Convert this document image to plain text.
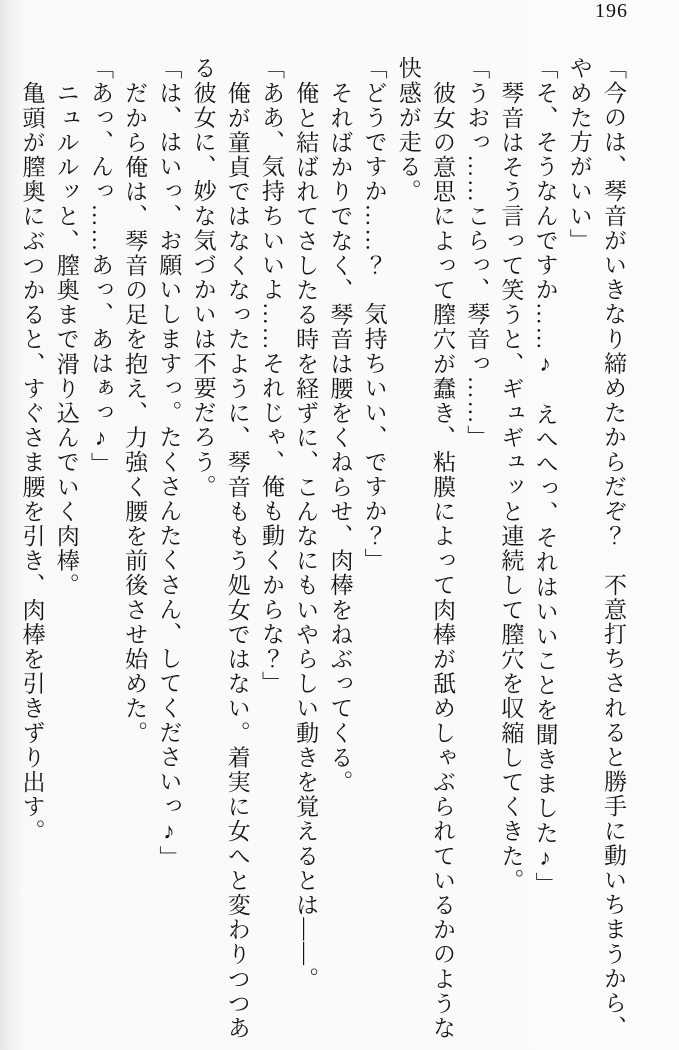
196
「今のは、琴音がいきなり締めたからだぞ？　不意打ちされると勝手に動いちまうから、
やめた方がいい」
「そ、そうなんですか……♪　えへへっ、それはいいことを聞きました♪」
琴音はそう言って笑うと、ギュギュッと連続して膣穴を収縮してくきた。
「うおっ……こらっ、琴音っ……」
彼女の意思によって膣穴が蠢き、粘膜によって肉棒が舐めしゃぶられているかのような
快感が走る。
「どうですか……？　気持ちいい、ですか？」
そればかりでなく、琴音は腰をくねらせ、肉棒をねぶってくる。
俺と結ばれてさしたる時を経ずに、こんなにもいやらしい動きを覚えるとは――。
「ああ、気持ちいいよ……それじゃ、俺も動くからな？」
俺が童貞ではなくなったように、琴音ももう処女ではない。着実に女へと変わりつつあ
る彼女に、妙な気づかいは不要だろう。
「は、はいっ、お願いしますっ。たくさんたくさん、してくださいっ♪」
だから俺は、琴音の足を抱え、力強く腰を前後させ始めた。
「あっ、んっ……あっ、あはぁっ♪」
ニュルルッと、膣奥まで滑り込んでいく肉棒。
亀頭が膣奥にぶつかると、すぐさま腰を引き、肉棒を引きずり出す。
